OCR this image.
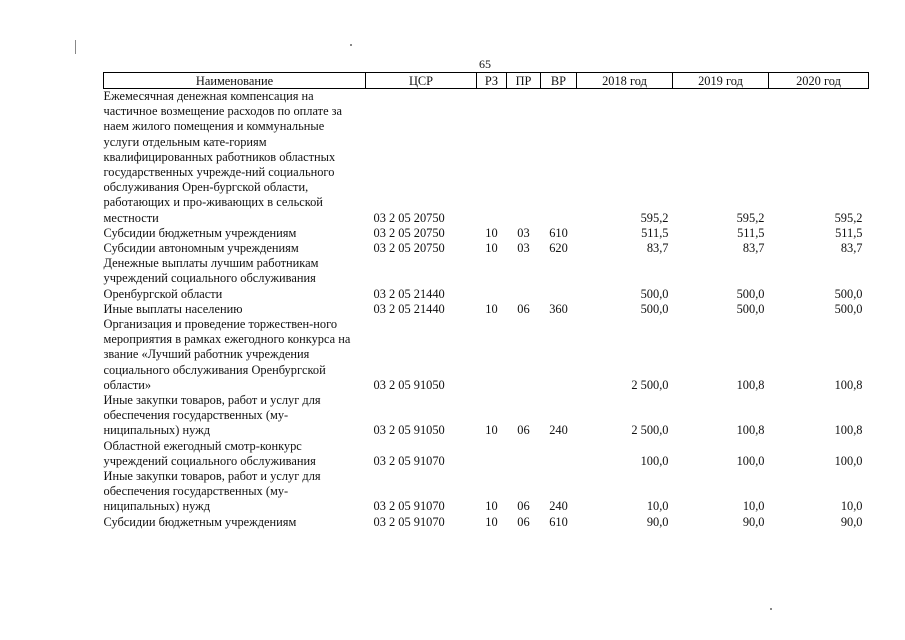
65
Наименование	ЦСР	РЗ	ПР	ВР	2018 год	2019 год	2020 год
Ежемесячная денежная компенсация на частичное возмещение расходов по оплате за наем жилого помещения и коммунальные услуги отдельным кате-гориям квалифицированных работников областных государственных учрежде-ний социального обслуживания Орен-бургской области, работающих и про-живающих в сельской местности	03 2 05 20750				595,2	595,2	595,2
Субсидии бюджетным учреждениям	03 2 05 20750	10	03	610	511,5	511,5	511,5
Субсидии автономным учреждениям	03 2 05 20750	10	03	620	83,7	83,7	83,7
Денежные выплаты лучшим работникам учреждений социального обслуживания Оренбургской области	03 2 05 21440				500,0	500,0	500,0
Иные выплаты населению	03 2 05 21440	10	06	360	500,0	500,0	500,0
Организация и проведение торжествен-ного мероприятия в рамках ежегодного конкурса на звание «Лучший работник учреждения социального обслуживания Оренбургской области»	03 2 05 91050				2 500,0	100,8	100,8
Иные закупки товаров, работ и услуг для обеспечения государственных (му-ниципальных) нужд	03 2 05 91050	10	06	240	2 500,0	100,8	100,8
Областной ежегодный смотр-конкурс учреждений социального обслуживания	03 2 05 91070				100,0	100,0	100,0
Иные закупки товаров, работ и услуг для обеспечения государственных (му-ниципальных) нужд	03 2 05 91070	10	06	240	10,0	10,0	10,0
Субсидии бюджетным учреждениям	03 2 05 91070	10	06	610	90,0	90,0	90,0
